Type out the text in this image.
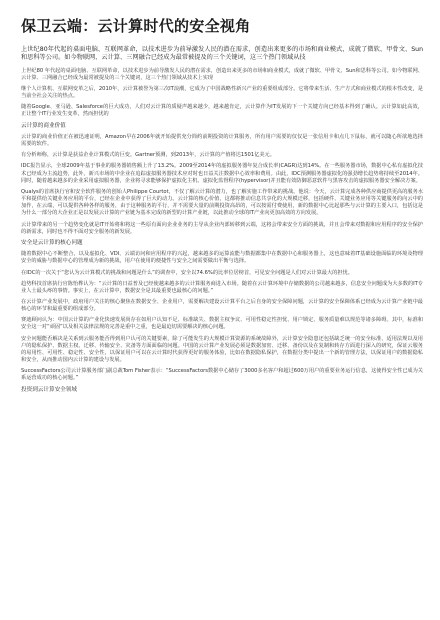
保卫云端：云计算时代的安全视角

上世纪80年代起的桌面电脑、互联网革命，以技术进步为前导激发人民的潜在需求，创造出来更多的市场和商业模式，成就了微软、甲骨文、Sun和思科等公司。如今物联网、云计算、三网融合已经成为最常被提及的三个关键词，这三个热门领域从技

上世纪80 年代起的桌面电脑、互联网革命，以技术进步为前导激发人民的潜在需求，创造出来更多的市场和商业模式，成就了微软、甲骨文、Sun和思科等公司。如今物联网、云计算、三网融合已经成为最常被提及的三个关键词，这三个热门领域从技术上实现

继个人计算机、互联网变革之后，2010年，云计算被誉为第三次IT浪潮，它成为了中国战略性新兴产业的重要组成部分。它将带来生活、生产方式和商业模式的根本性改变，是当前全社会关注的热点。

随着Google、亚马逊、Salesforce的巨大成功，人们对云计算的质疑声越来越少，越来越肯定，云计算作为IT发展的下一个关键方向已经基本得到了确认。云计算如此高效，正让整个IT行业发生变革，然而担忧的

云计算的商业价值

云计算的商业价值正在被迅速证明，Amazon早在2006年就开始提供充分简约前期投资的计算服务，所有用户需要的仅仅是一张信用卡和点几下鼠标，就可以随心所欲地选择需要的软件。

有分析师称，云计算是获益企业计算模式的巨变。Gartner预测，到2013年，云计算的产值将达1501亿美元。

IDC报告显示，全球2009年基于事业的服务器销售额上升了13.2%。2009至2014年的虚拟服务器年复合成长率(CAGR)达到14%。在一些服务器市场，数据中心私有虚拟化技术已经成为主流趋势，此外，新兴市场的中企业在追踪虚拟服务器技术应对时也日益关注数据中心效率和费用。由此，IDC预测服务器虚拟化的强劲增长趋势将持续至2014年。同时，随着越来越多的企业采用虚拟服务器，企业将寻求能够保护虚拟化主机、虚拟化监督程序(hypervisor)并且能有效防御恶意软件与黑客攻击的虚拟服务器安全解决方案。

Qualys的首席执行官和安全软件服务的创始人Philippe Courtot，不仅了解云计算的潜力，也了解实施工作带来的挑战。他说：今天，云计算完成各种供应商提供更高的服务水平和提供给关键业务应用的平台，已经在企业中获得了巨大的动力。云计算的核心价值，这都将推动信息共享化的大规模迁移，包括硬件、关键业务应用等关键服务的向云中的加作，在云端，可以提供各种各样的服务，由于这种服务的平行，并不需要大量的前期投资高昂的，可以按需付费使用，新的数据中心比起那些与云计算的主要入口，包括这是为什么一部分的大企业正是以发展云计算的产业链为基本完成的新型的计算产业链，以此推动全球的IT产业向更加高效的方向发展。

云计算带来的另一个趋势变化就是IT开始将和将这一些原有面向企业业务的主导从企业内部转移到云端，这将会带来安全方面的挑战，并且会带来对数据和应用程序的安全保护的新需求，同时也不得不面对安全服务的新发展。

安全是云计算的核心问题

随着数据中心不断整合，以及虚拟化、VDI、云端访问和应用程序的兴起，越来越多的运算流能与数据都集中在数据中心和服务器上，这也意味着IT基础设施面临的环境及物理安全的威胁与数据中心的管理成为新的挑战，用户在使用的便捷性与安全之间需要做出平衡与选择。

在IDC的一次关于“您认为云计算模式的挑战和问题是什么”的调查中，安全以74.6%的比率位居榜首，可见安全问题是人们对云计算最大的担忧。

趋势科技首席执行官陈怡桦认为：“云计算的日益普及已经使越来越多的云计算服务商进入市场。随着在云计算环境中存储数据的公司越来越多，信息安全问题成为大多数的IT专业人士最头疼的事情。事实上，在云计算中，数据安全是其最重要也最核心的问题。”

在云计算产业发展中，政府用户关注的核心聚焦在数据安全、企业用户，需要解决建设云计算平台之后自身的安全保障问题，云计算的安全保障体系已经成为云计算产业链中最核心的环节和最重要的组成部分。

赛迪顾问认为：中国云计算的产业化快速发展尚存在如用户认知不足、标准缺失、数据主权争议、可用性稳定性担忧、用户锁定、服务质量难以规范等诸多障碍。其中，标准和安全这一对“顽固”以及相关法律法规的完善是重中之重，也是最迫切需要解决的核心问题。

安全问题能否解决是关系到云服务能否得到用户认可的关键要素，除了可能发生的大规模计算资源的系统故障外，云计算安全隐患还包括缺乏统一的安全标准、适用法规以及用户的隐私保护、数据主权、迁移、传输安全、灾备等方面面临的问题。中国的云计算产业发展必须是数据加密、迁移、备份以及在复制和转存方面进行深入的研究，保证云服务的易用性、可用性、稳定性、安全性，以保证用户可以在云计算时代获得更好的服务体验，比如在数据隐私保护，在数据分类中提出一个新的管理方法，以保证用户的数据隐私和安全，从而推动国内云计算的建设与发展。

SuccessFactors公司云计算服务部门副总裁Tom Fisher表示：“SuccessFactors数据中心储存了3000多名客户和超过600万用户的重要业务运行信息，这使得安全性已成为关系运营成功的核心问题。”

投资到云计算安全领域
